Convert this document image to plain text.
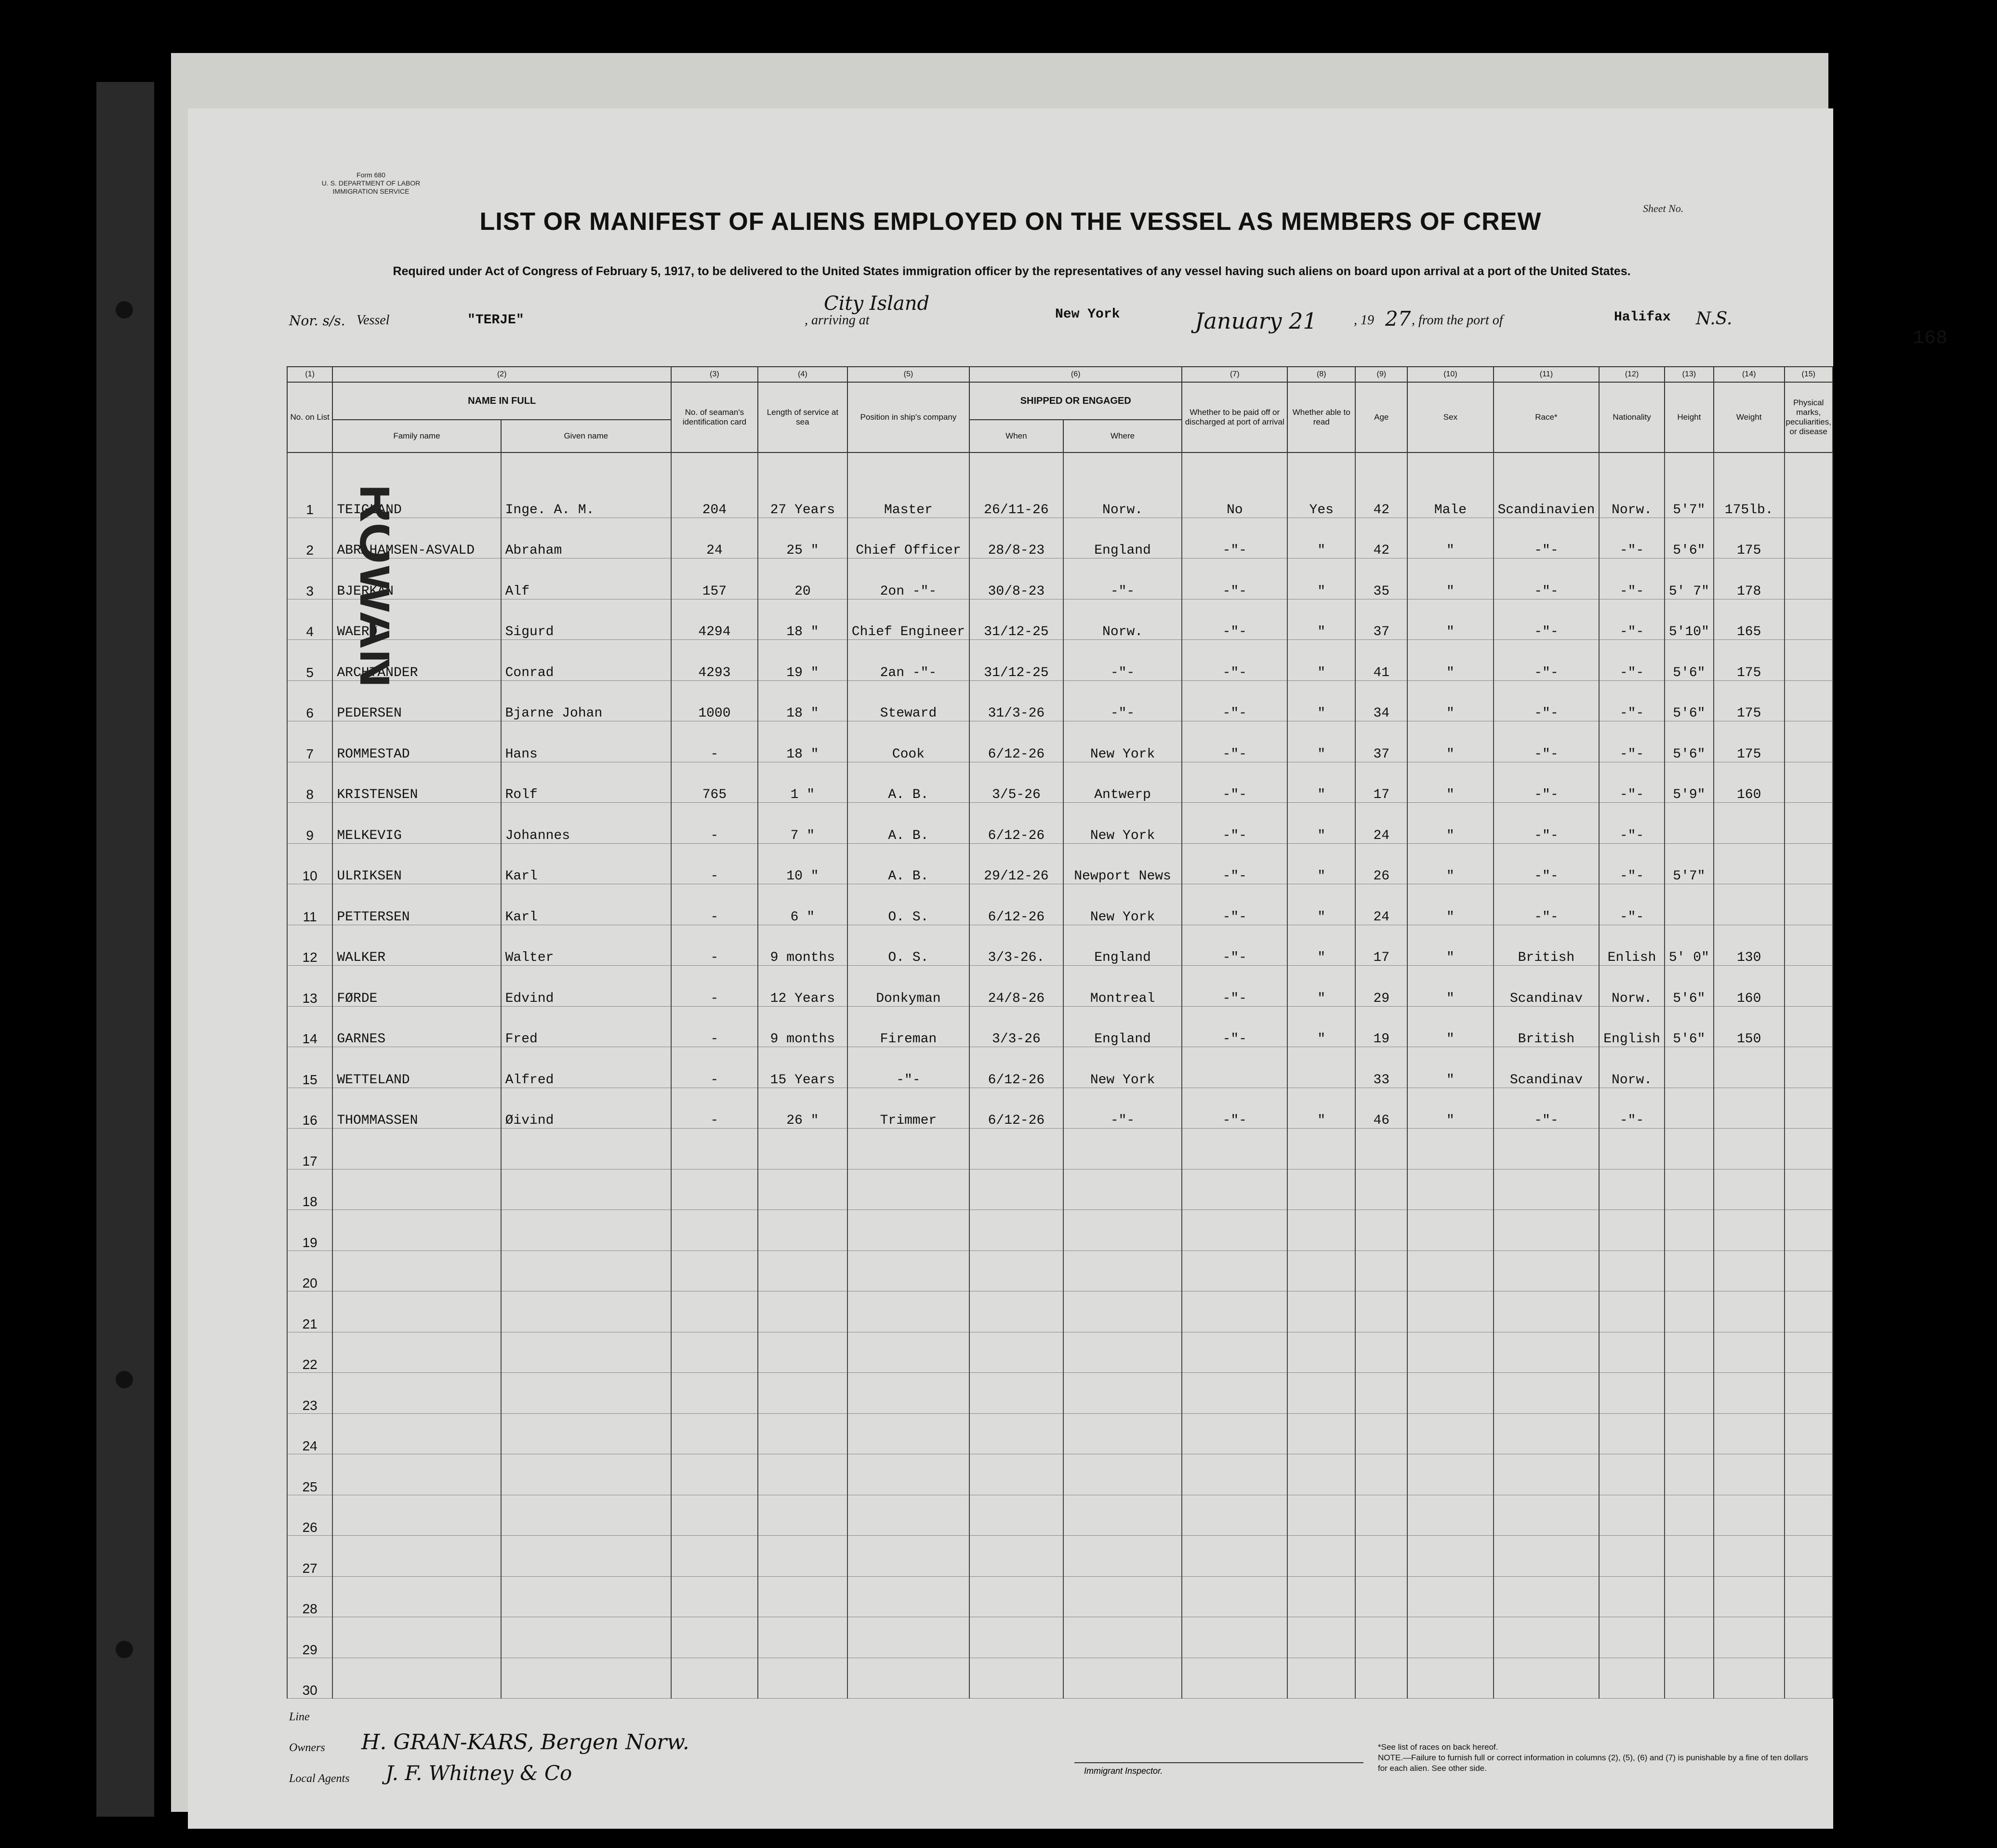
Form 680
U. S. DEPARTMENT OF LABOR
IMMIGRATION SERVICE
Sheet No.
LIST OR MANIFEST OF ALIENS EMPLOYED ON THE VESSEL AS MEMBERS OF CREW
Required under Act of Congress of February 5, 1917, to be delivered to the United States immigration officer by the representatives of any vessel having such aliens on board upon arrival at a port of the United States.
Nor. s/s. Vessel	"TERJE"
City Island
, arriving at	New York	January 21	, 19 27 , from the port of	Halifax N.S.
168
(1)	(2)		(3)	(4)	(5)	(6)		(7)	(8)	(9)	(10)	(11)	(12)	(13)	(14)	(15)
No. on List	NAME IN FULL		No. of seaman's identification card	Length of service at sea	Position in ship's company	SHIPPED OR ENGAGED		Whether to be paid off or discharged at port of arrival	Whether able to read	Age	Sex	Race*	Nationality	Height	Weight	Physical marks, peculiarities, or disease
	Family name	Given name				When	Where									
1	TEIGLAND	Inge. A. M.	204	27 Years	Master	26/11-26	Norw.	No	Yes	42	Male	Scandinavien	Norw.	5'7"	175lb.	
2	ABRAHAMSEN-ASVALD	Abraham	24	25 "	Chief Officer	28/8-23	England	-"-	"	42	"	-"-	-"-	5'6"	175	
3	BJERKAN	Alf	157	20	2on -"-	30/8-23	-"-	-"-	"	35	"	-"-	-"-	5' 7"	178	
4	WAERØ	Sigurd	4294	18 "	Chief Engineer	31/12-25	Norw.	-"-	"	37	"	-"-	-"-	5'10"	165	
5	ARCHTANDER	Conrad	4293	19 "	2an -"-	31/12-25	-"-	-"-	"	41	"	-"-	-"-	5'6"	175	
6	PEDERSEN	Bjarne Johan	1000	18 "	Steward	31/3-26	-"-	-"-	"	34	"	-"-	-"-	5'6"	175	
7	ROMMESTAD	Hans	-	18 "	Cook	6/12-26	New York	-"-	"	37	"	-"-	-"-	5'6"	175	
8	KRISTENSEN	Rolf	765	1 "	A. B.	3/5-26	Antwerp	-"-	"	17	"	-"-	-"-	5'9"	160	
9	MELKEVIG	Johannes	-	7 "	A. B.	6/12-26	New York	-"-	"	24	"	-"-	-"-			
10	ULRIKSEN	Karl	-	10 "	A. B.	29/12-26	Newport News	-"-	"	26	"	-"-	-"-	5'7"		
11	PETTERSEN	Karl	-	6 "	O. S.	6/12-26	New York	-"-	"	24	"	-"-	-"-			
12	WALKER	Walter	-	9 months	O. S.	3/3-26.	England	-"-	"	17	"	British	Enlish	5' 0"	130	
13	FØRDE	Edvind	-	12 Years	Donkyman	24/8-26	Montreal	-"-	"	29	"	Scandinav	Norw.	5'6"	160	
14	GARNES	Fred	-	9 months	Fireman	3/3-26	England	-"-	"	19	"	British	English	5'6"	150	
15	WETTELAND	Alfred	-	15 Years	-"-	6/12-26	New York			33	"	Scandinav	Norw.			
16	THOMMASSEN	Øivind	-	26 "	Trimmer	6/12-26	-"-	-"-	"	46	"	-"-	-"-			
17																
18																
19																
20																
21																
22																
23																
24																
25																
26																
27																
28																
29																
30																
ROWAN
Line
Owners H. GRAN-KARS, Bergen Norw.
Local Agents J. F. Whitney & Co	Immigrant Inspector.
*See list of races on back hereof.
NOTE.—Failure to furnish full or correct information in columns (2), (5), (6) and (7) is punishable by a fine of ten dollars for each alien. See other side.
